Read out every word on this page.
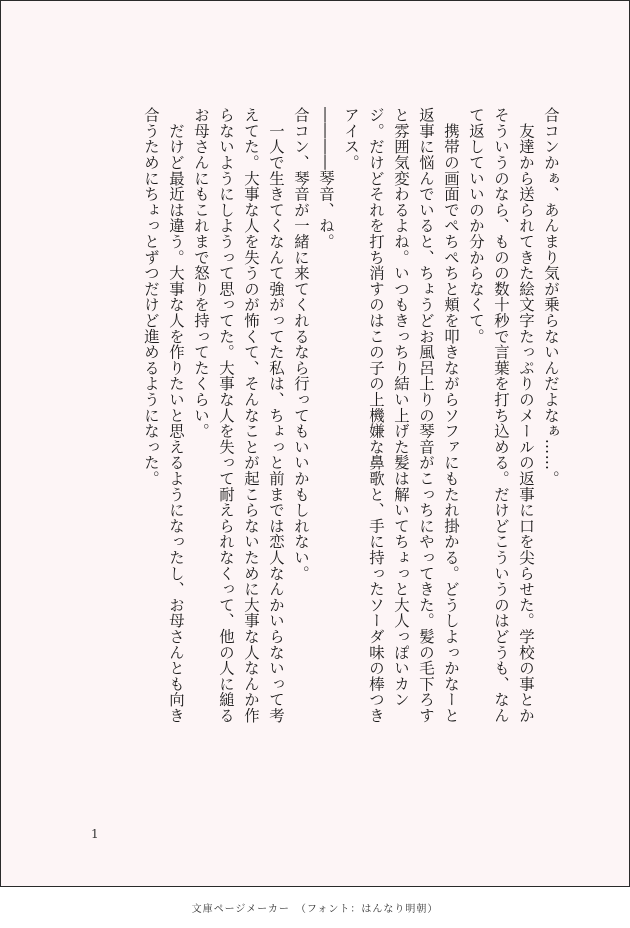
合コンかぁ、あんまり気が乗らないんだよなぁ……。
　友達から送られてきた絵文字たっぷりのメールの返事に口を尖らせた。学校の事とか
そういうのなら、ものの数十秒で言葉を打ち込める。だけどこういうのはどうも、なん
て返していいのか分からなくて。
　携帯の画面でぺちぺちと頬を叩きながらソファにもたれ掛かる。どうしよっかなーと
返事に悩んでいると、ちょうどお風呂上りの琴音がこっちにやってきた。髪の毛下ろす
と雰囲気変わるよね。いつもきっちり結い上げた髪は解いてちょっと大人っぽいカン
ジ。だけどそれを打ち消すのはこの子の上機嫌な鼻歌と、手に持ったソーダ味の棒つき
アイス。
――――琴音、ね。
合コン、琴音が一緒に来てくれるなら行ってもいいかもしれない。
　一人で生きてくなんて強がってた私は、ちょっと前までは恋人なんかいらないって考
えてた。大事な人を失うのが怖くて、そんなことが起こらないために大事な人なんか作
らないようにしようって思ってた。大事な人を失って耐えられなくって、他の人に縋る
お母さんにもこれまで怒りを持ってたくらい。
　だけど最近は違う。大事な人を作りたいと思えるようになったし、お母さんとも向き
合うためにちょっとずつだけど進めるようになった。
1
文庫ページメーカー　（フォント：はんなり明朝）
